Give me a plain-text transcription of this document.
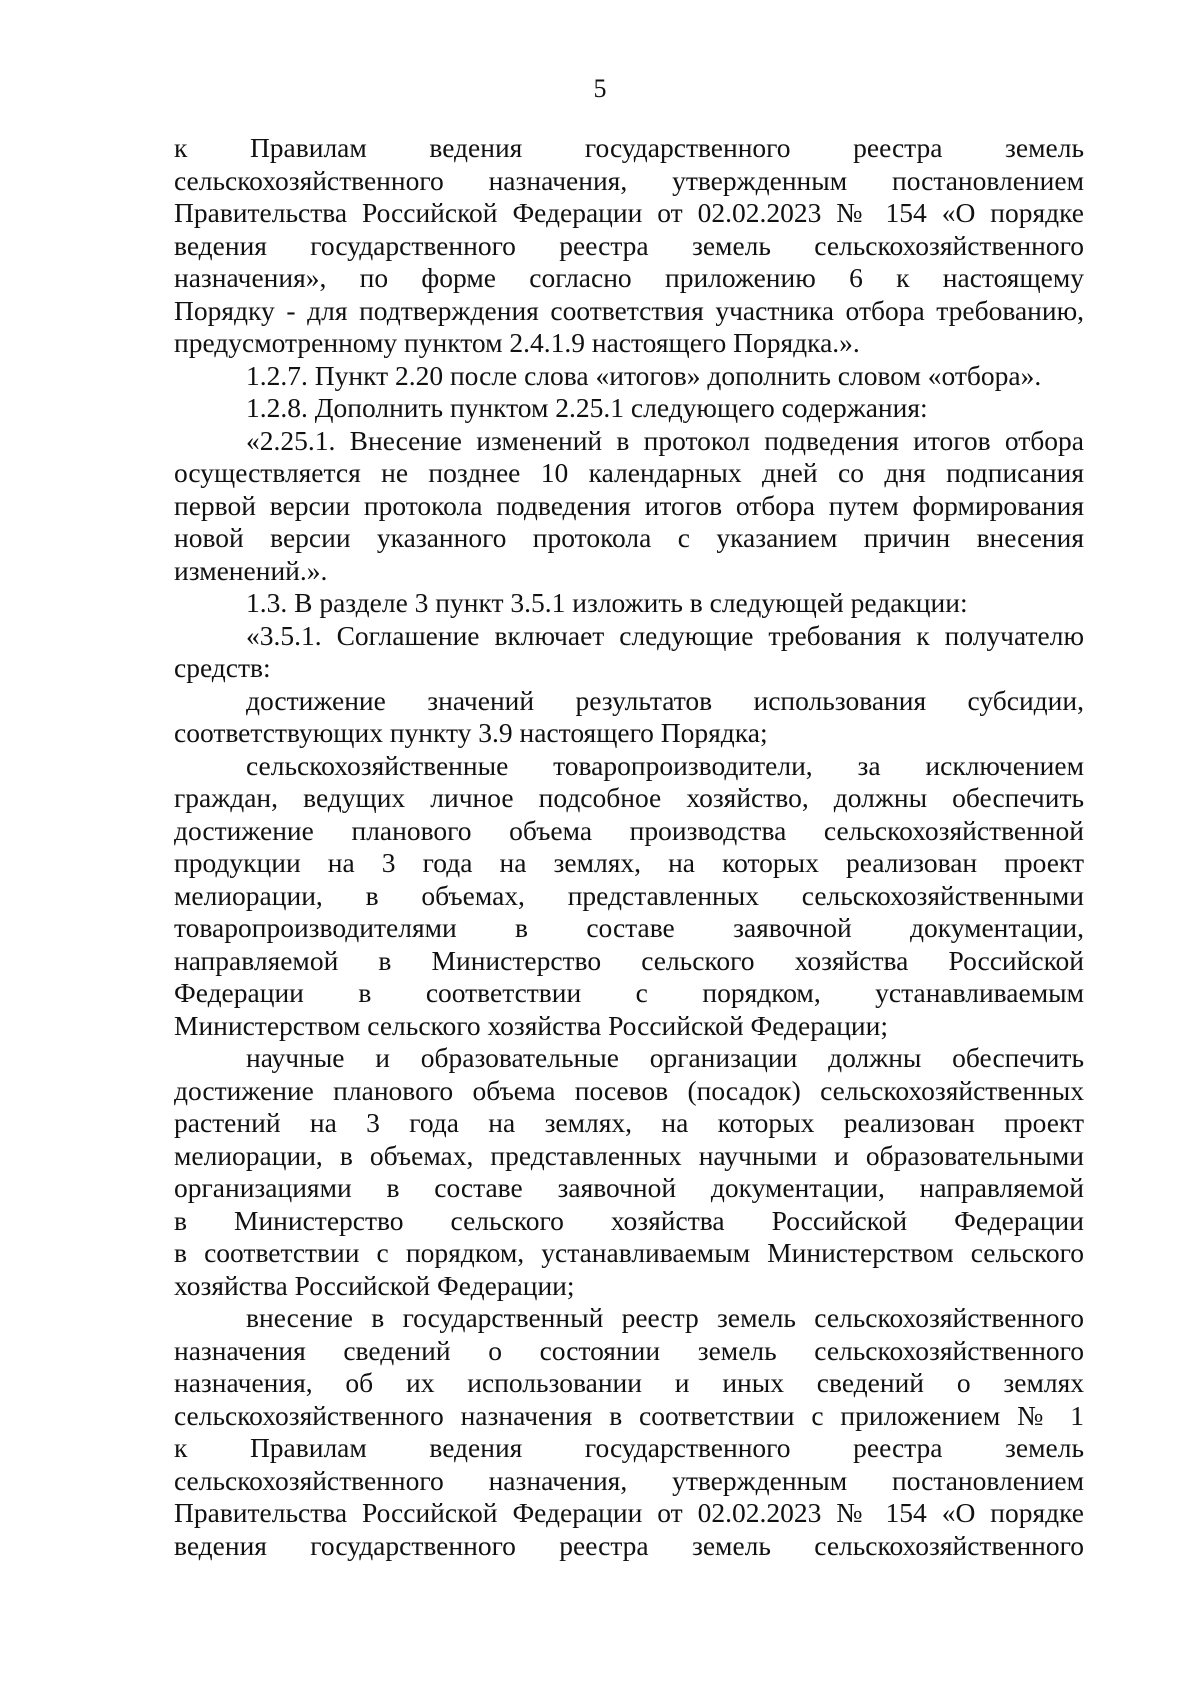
5
к Правилам ведения государственного реестра земель
сельскохозяйственного назначения, утвержденным постановлением
Правительства Российской Федерации от 02.02.2023 № 154 «О порядке
ведения государственного реестра земель сельскохозяйственного
назначения», по форме согласно приложению 6 к настоящему
Порядку - для подтверждения соответствия участника отбора требованию,
предусмотренному пунктом 2.4.1.9 настоящего Порядка.».
1.2.7. Пункт 2.20 после слова «итогов» дополнить словом «отбора».
1.2.8. Дополнить пунктом 2.25.1 следующего содержания:
«2.25.1. Внесение изменений в протокол подведения итогов отбора
осуществляется не позднее 10 календарных дней со дня подписания
первой версии протокола подведения итогов отбора путем формирования
новой версии указанного протокола с указанием причин внесения
изменений.».
1.3. В разделе 3 пункт 3.5.1 изложить в следующей редакции:
«3.5.1. Соглашение включает следующие требования к получателю
средств:
достижение значений результатов использования субсидии,
соответствующих пункту 3.9 настоящего Порядка;
сельскохозяйственные товаропроизводители, за исключением
граждан, ведущих личное подсобное хозяйство, должны обеспечить
достижение планового объема производства сельскохозяйственной
продукции на 3 года на землях, на которых реализован проект
мелиорации, в объемах, представленных сельскохозяйственными
товаропроизводителями в составе заявочной документации,
направляемой в Министерство сельского хозяйства Российской
Федерации в соответствии с порядком, устанавливаемым
Министерством сельского хозяйства Российской Федерации;
научные и образовательные организации должны обеспечить
достижение планового объема посевов (посадок) сельскохозяйственных
растений на 3 года на землях, на которых реализован проект
мелиорации, в объемах, представленных научными и образовательными
организациями в составе заявочной документации, направляемой
в Министерство сельского хозяйства Российской Федерации
в соответствии с порядком, устанавливаемым Министерством сельского
хозяйства Российской Федерации;
внесение в государственный реестр земель сельскохозяйственного
назначения сведений о состоянии земель сельскохозяйственного
назначения, об их использовании и иных сведений о землях
сельскохозяйственного назначения в соответствии с приложением № 1
к Правилам ведения государственного реестра земель
сельскохозяйственного назначения, утвержденным постановлением
Правительства Российской Федерации от 02.02.2023 № 154 «О порядке
ведения государственного реестра земель сельскохозяйственного
